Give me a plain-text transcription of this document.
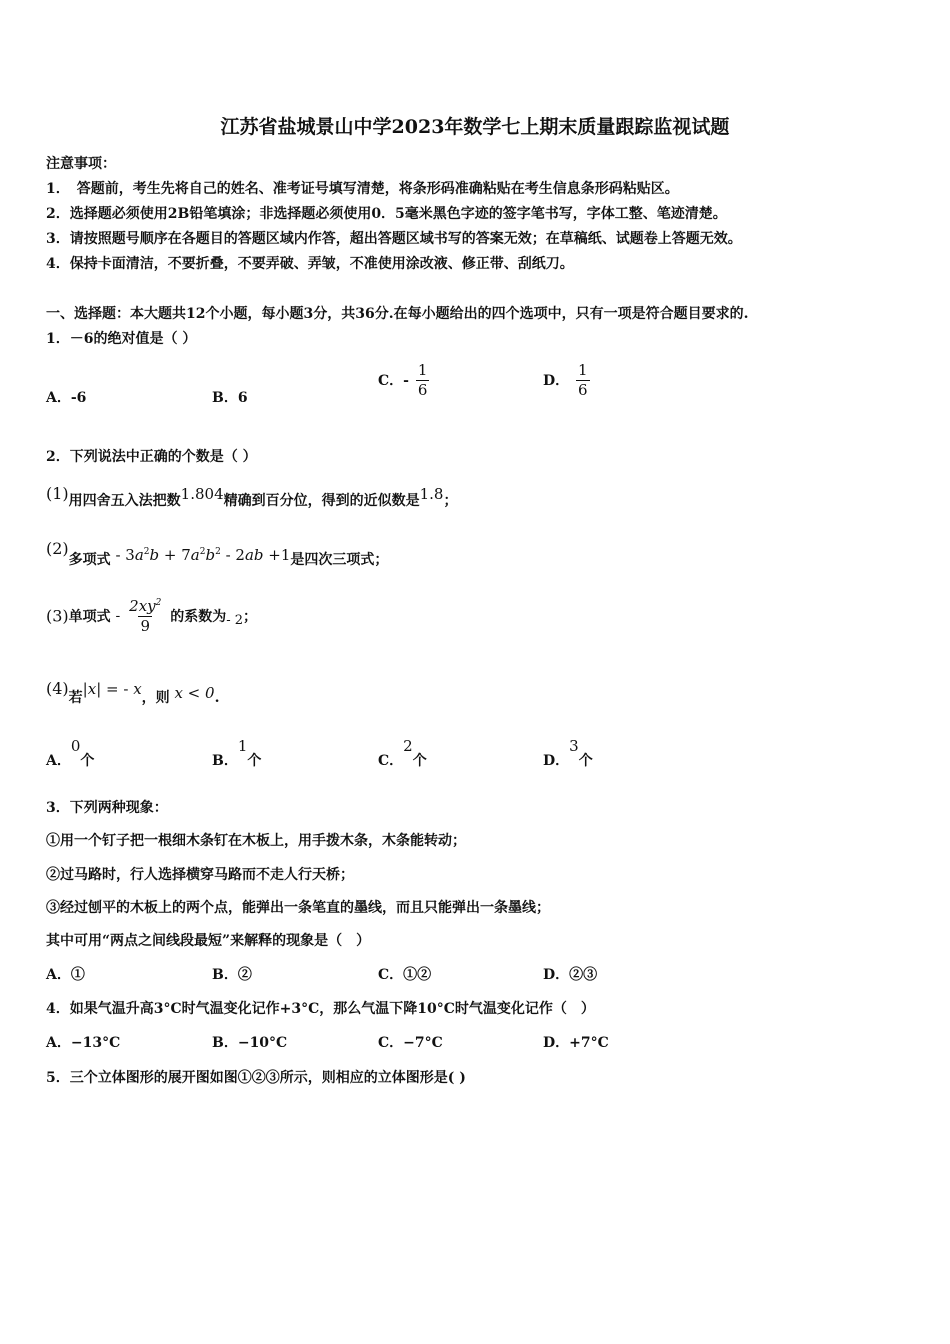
江苏省盐城景山中学2023年数学七上期末质量跟踪监视试题
注意事项：
1．　答题前，考生先将自己的姓名、准考证号填写清楚，将条形码准确粘贴在考生信息条形码粘贴区。
2．选择题必须使用2B铅笔填涂；非选择题必须使用0．5毫米黑色字迹的签字笔书写，字体工整、笔迹清楚。
3．请按照题号顺序在各题目的答题区域内作答，超出答题区域书写的答案无效；在草稿纸、试题卷上答题无效。
4．保持卡面清洁，不要折叠，不要弄破、弄皱，不准使用涂改液、修正带、刮纸刀。
一、选择题：本大题共12个小题，每小题3分，共36分.在每小题给出的四个选项中，只有一项是符合题目要求的.
1．－6的绝对值是（ ）
A．-6	B．6
C．- $\frac{1}{6}$	D． $\frac{1}{6}$
2．下列说法中正确的个数是（ ）
(1)用四舍五入法把数1.804精确到百分位，得到的近似数是1.8；
(2)多项式 - $3a^2b + 7a^2b^2 - 2ab +1$是四次三项式；
(3)单项式 - $\frac{2xy^2}{9}$ 的系数为- 2；
(4)若|x| = - x，则 x < 0.
A．0个	B．1个	C．2个	D．3个
3．下列两种现象：
①用一个钉子把一根细木条钉在木板上，用手拨木条，木条能转动；
②过马路时，行人选择横穿马路而不走人行天桥；
③经过刨平的木板上的两个点，能弹出一条笔直的墨线，而且只能弹出一条墨线；
其中可用“两点之间线段最短”来解释的现象是（　）
A．①	B．②	C．①②	D．②③
4．如果气温升高3°C时气温变化记作+3°C，那么气温下降10°C时气温变化记作（　）
A．−13°C	B．−10°C	C．−7°C	D．+7°C
5．三个立体图形的展开图如图①②③所示，则相应的立体图形是( )
